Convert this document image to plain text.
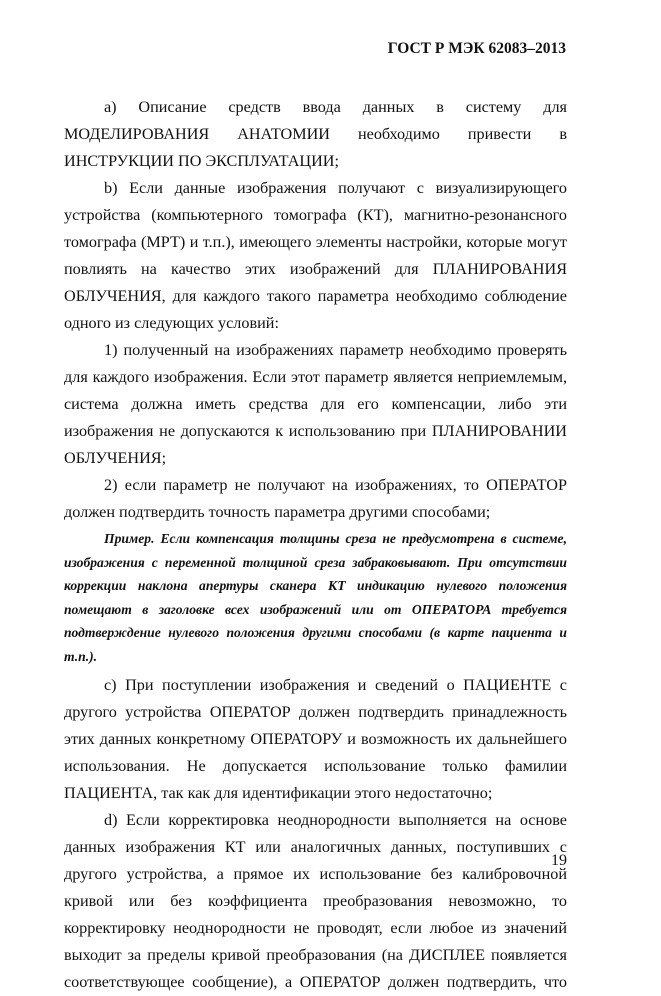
ГОСТ Р МЭК 62083–2013

a) Описание средств ввода данных в систему для МОДЕЛИРОВАНИЯ АНАТОМИИ необходимо привести в ИНСТРУКЦИИ ПО ЭКСПЛУАТАЦИИ;

b) Если данные изображения получают с визуализирующего устройства (компьютерного томографа (КТ), магнитно-резонансного томографа (МРТ) и т.п.), имеющего элементы настройки, которые могут повлиять на качество этих изображений для ПЛАНИРОВАНИЯ ОБЛУЧЕНИЯ, для каждого такого параметра необходимо соблюдение одного из следующих условий:

1) полученный на изображениях параметр необходимо проверять для каждого изображения. Если этот параметр является неприемлемым, система должна иметь средства для его компенсации, либо эти изображения не допускаются к использованию при ПЛАНИРОВАНИИ ОБЛУЧЕНИЯ;

2) если параметр не получают на изображениях, то ОПЕРАТОР должен подтвердить точность параметра другими способами;

Пример. Если компенсация толщины среза не предусмотрена в системе, изображения с переменной толщиной среза забраковывают. При отсутствии коррекции наклона апертуры сканера КТ индикацию нулевого положения помещают в заголовке всех изображений или от ОПЕРАТОРА требуется подтверждение нулевого положения другими способами (в карте пациента и т.п.).

c) При поступлении изображения и сведений о ПАЦИЕНТЕ с другого устройства ОПЕРАТОР должен подтвердить принадлежность этих данных конкретному ОПЕРАТОРУ и возможность их дальнейшего использования. Не допускается использование только фамилии ПАЦИЕНТА, так как для идентификации этого недостаточно;

d) Если корректировка неоднородности выполняется на основе данных изображения КТ или аналогичных данных, поступивших с другого устройства, а прямое их использование без калибровочной кривой или без коэффициента преобразования невозможно, то корректировку неоднородности не проводят, если любое из значений выходит за пределы кривой преобразования (на ДИСПЛЕЕ появляется соответствующее сообщение), а ОПЕРАТОР должен подтвердить, что

19
